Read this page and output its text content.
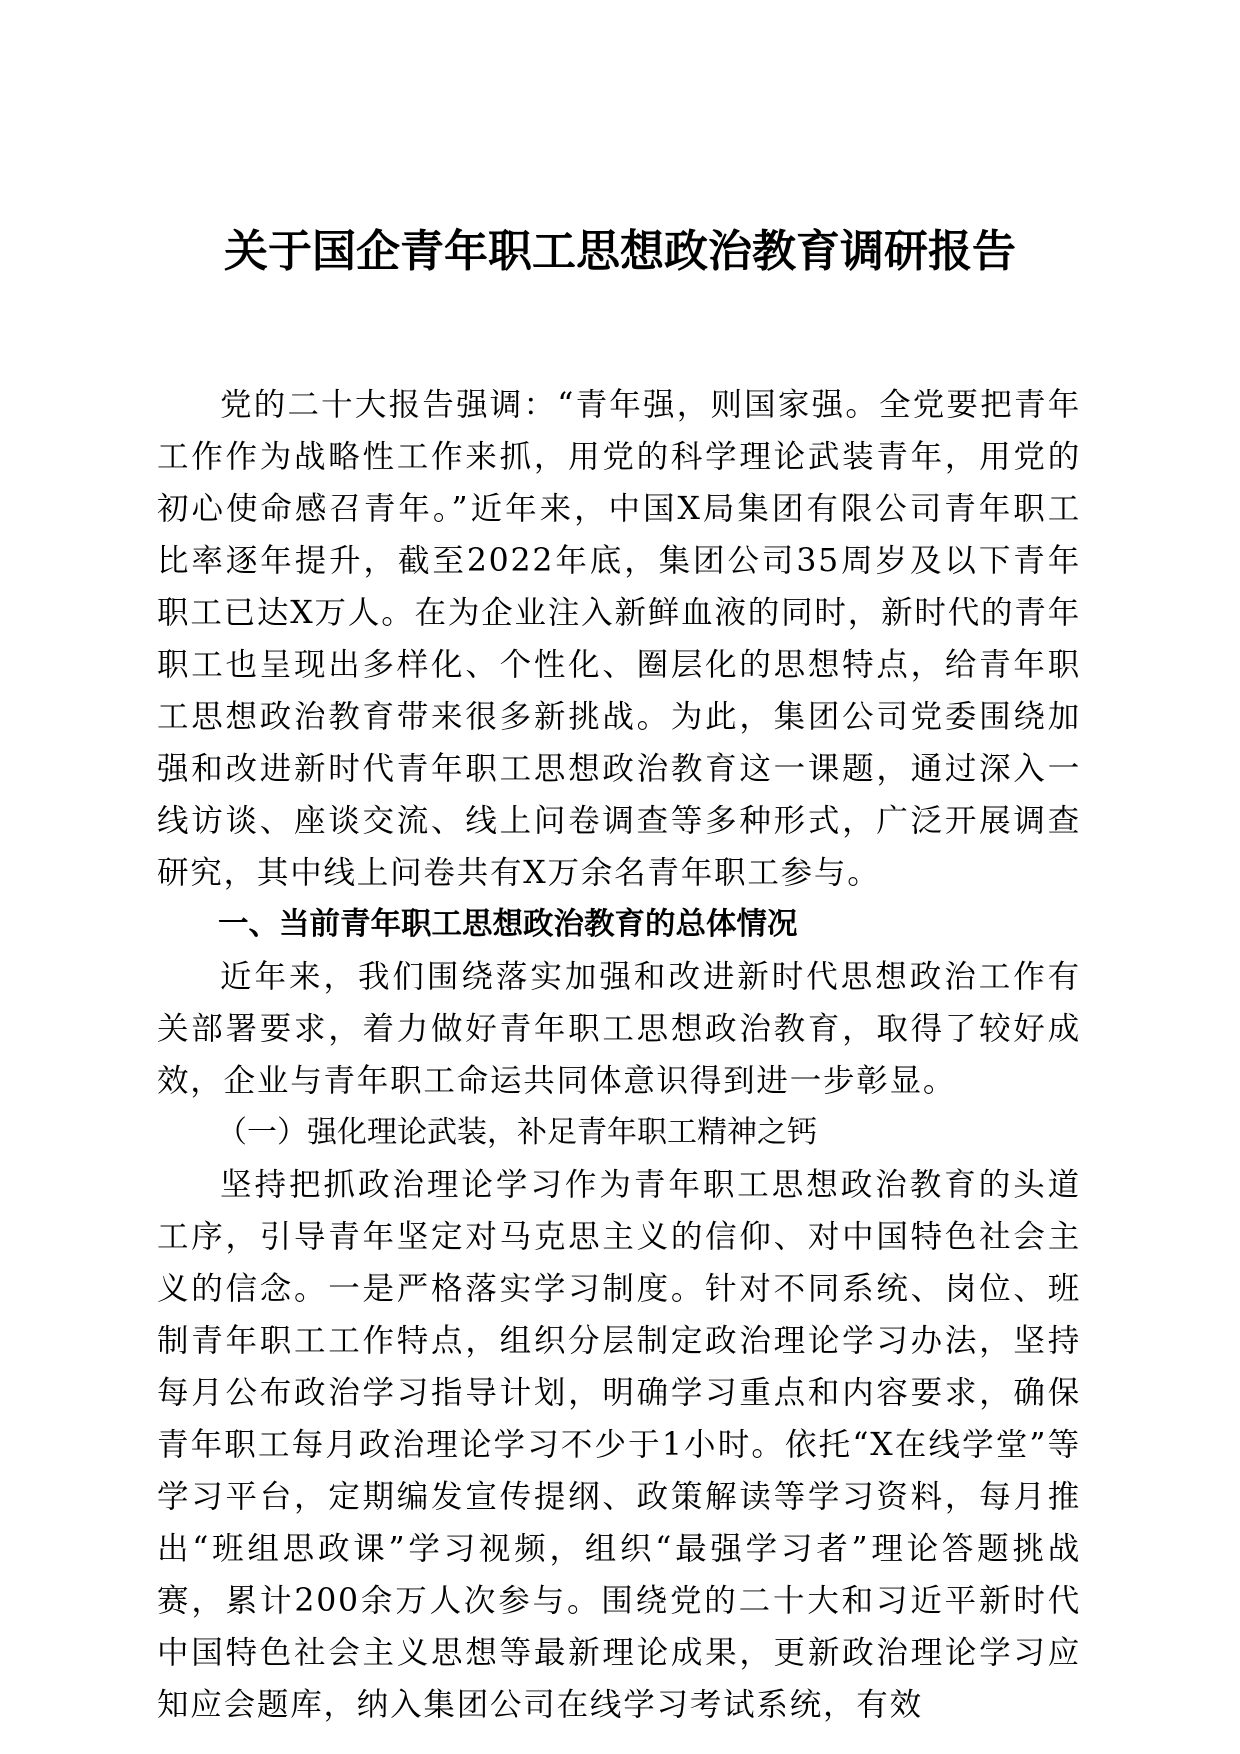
关于国企青年职工思想政治教育调研报告

党的二十大报告强调：“青年强，则国家强。全党要把青年工作作为战略性工作来抓，用党的科学理论武装青年，用党的初心使命感召青年。”近年来，中国X局集团有限公司青年职工比率逐年提升，截至2022年底，集团公司35周岁及以下青年职工已达X万人。在为企业注入新鲜血液的同时，新时代的青年职工也呈现出多样化、个性化、圈层化的思想特点，给青年职工思想政治教育带来很多新挑战。为此，集团公司党委围绕加强和改进新时代青年职工思想政治教育这一课题，通过深入一线访谈、座谈交流、线上问卷调查等多种形式，广泛开展调查研究，其中线上问卷共有X万余名青年职工参与。

一、当前青年职工思想政治教育的总体情况

近年来，我们围绕落实加强和改进新时代思想政治工作有关部署要求，着力做好青年职工思想政治教育，取得了较好成效，企业与青年职工命运共同体意识得到进一步彰显。

（一）强化理论武装，补足青年职工精神之钙

坚持把抓政治理论学习作为青年职工思想政治教育的头道工序，引导青年坚定对马克思主义的信仰、对中国特色社会主义的信念。一是严格落实学习制度。针对不同系统、岗位、班制青年职工工作特点，组织分层制定政治理论学习办法，坚持每月公布政治学习指导计划，明确学习重点和内容要求，确保青年职工每月政治理论学习不少于1小时。依托“X在线学堂”等学习平台，定期编发宣传提纲、政策解读等学习资料，每月推出“班组思政课”学习视频，组织“最强学习者”理论答题挑战赛，累计200余万人次参与。围绕党的二十大和习近平新时代中国特色社会主义思想等最新理论成果，更新政治理论学习应知应会题库，纳入集团公司在线学习考试系统，有效
